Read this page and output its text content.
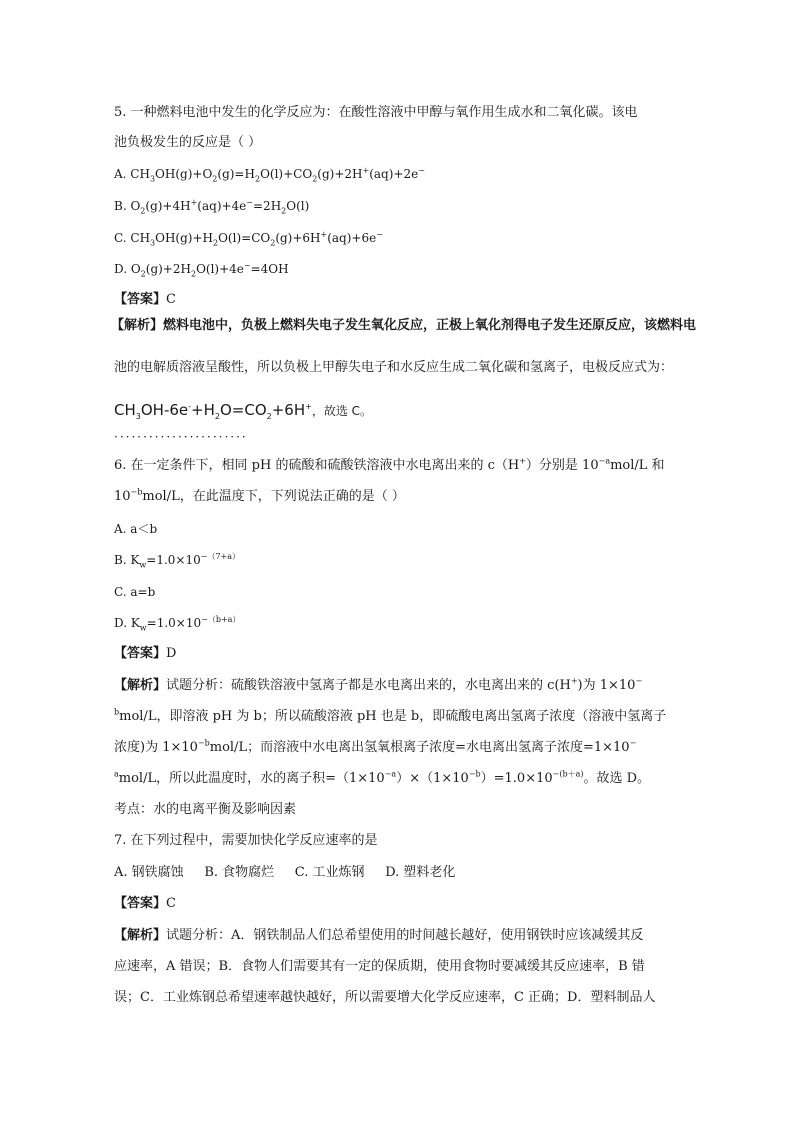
5. 一种燃料电池中发生的化学反应为：在酸性溶液中甲醇与氧作用生成水和二氧化碳。该电
池负极发生的反应是（ ）
A. $CH_3OH(g)+O_2(g)=H_2O(l)+CO_2(g)+2H^+(aq)+2e^-$
B. $O_2(g)+4H^+(aq)+4e^-=2H_2O(l)$
C. $CH_3OH(g)+H_2O(l)=CO_2(g)+6H^+(aq)+6e^-$
D. $O_2(g)+2H_2O(l)+4e^-=4OH$
【答案】C
【解析】燃料电池中，负极上燃料失电子发生氧化反应，正极上氧化剂得电子发生还原反应，该燃料电
池的电解质溶液呈酸性，所以负极上甲醇失电子和水反应生成二氧化碳和氢离子，电极反应式为：
$CH_3OH-6e^-+H_2O=CO_2+6H^+$，故选 C。
·······················
6. 在一定条件下，相同 pH 的硫酸和硫酸铁溶液中水电离出来的 c（H+）分别是 $10^{-a}mol/L$ 和
$10^{-b}mol/L$，在此温度下，下列说法正确的是（ ）
A. a＜b
B. $K_w=1.0\times 10^{-(7+a)}$
C. a=b
D. $K_w=1.0\times 10^{-(b+a)}$
【答案】D
【解析】试题分析：硫酸铁溶液中氢离子都是水电离出来的，水电离出来的 c(H+)为 1×10−
$^b$mol/L，即溶液 pH 为 b；所以硫酸溶液 pH 也是 b，即硫酸电离出氢离子浓度（溶液中氢离子
浓度)为 $1\times 10^{-b}mol/L$；而溶液中水电离出氢氧根离子浓度=水电离出氢离子浓度=1×10−
$^a$mol/L，所以此温度时，水的离子积$=(1\times 10^{-a})\times(1\times 10^{-b})=1.0\times 10^{-(b+a)}$。故选 D。
考点：水的电离平衡及影响因素
7. 在下列过程中，需要加快化学反应速率的是
A. 钢铁腐蚀     B. 食物腐烂     C. 工业炼钢     D. 塑料老化
【答案】C
【解析】试题分析：A．钢铁制品人们总希望使用的时间越长越好，使用钢铁时应该减缓其反
应速率，A 错误；B．食物人们需要其有一定的保质期，使用食物时要减缓其反应速率，B 错
误；C．工业炼钢总希望速率越快越好，所以需要增大化学反应速率，C 正确；D．塑料制品人
